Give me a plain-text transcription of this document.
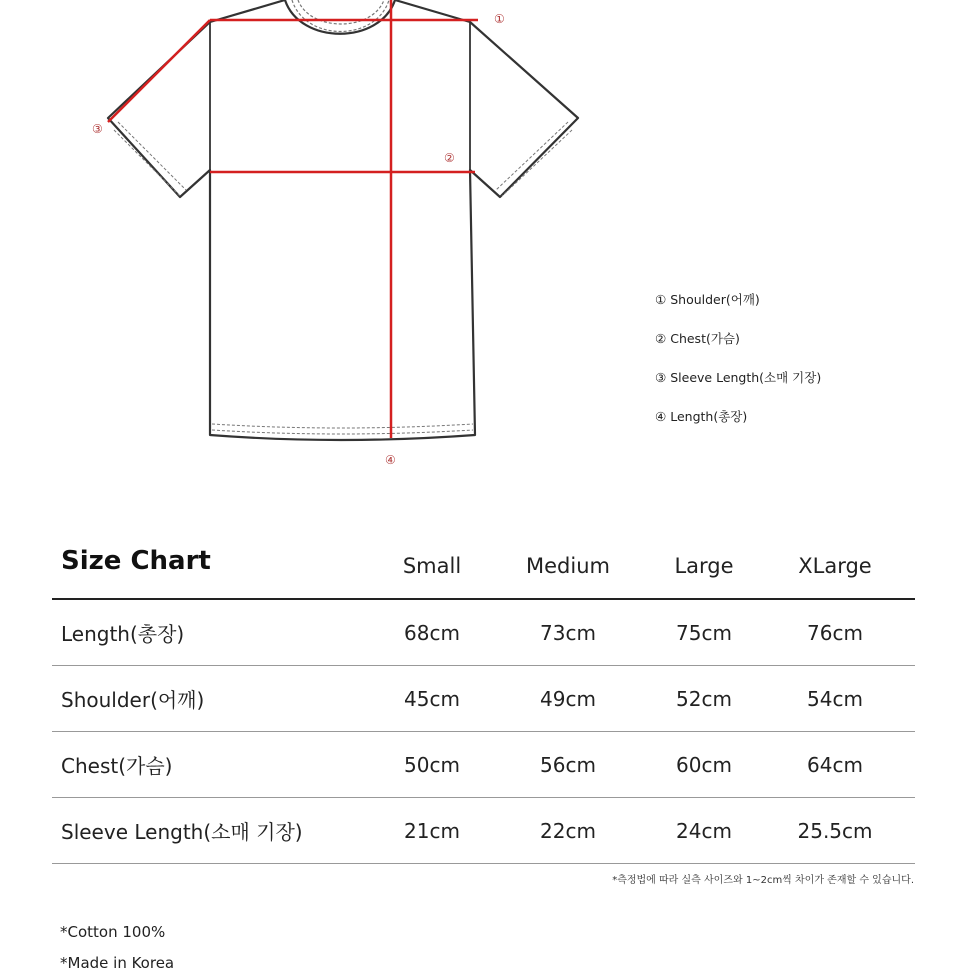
①
②
③
④
① Shoulder(어깨)
② Chest(가슴)
③ Sleeve Length(소매 기장)
④ Length(총장)
Size Chart	Small	Medium	Large	XLarge
Length(총장)	68cm	73cm	75cm	76cm
Shoulder(어깨)	45cm	49cm	52cm	54cm
Chest(가슴)	50cm	56cm	60cm	64cm
Sleeve Length(소매 기장)	21cm	22cm	24cm	25.5cm
*측정법에 따라 실측 사이즈와 1~2cm씩 차이가 존재할 수 있습니다.
*Cotton 100%
*Made in Korea
